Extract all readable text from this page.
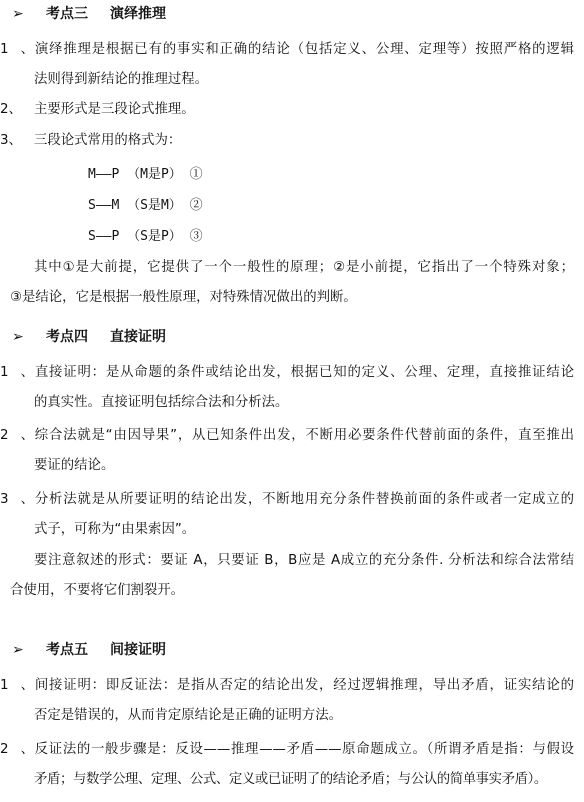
➢ 考点三 演绎推理
1、演绎推理是根据已有的事实和正确的结论（包括定义、公理、定理等）按照严格的逻辑
法则得到新结论的推理过程。
2、 主要形式是三段论式推理。
3、 三段论式常用的格式为：
M——P （M是P） ①
S——M （S是M） ②
S——P （S是P） ③
其中①是大前提，它提供了一个一般性的原理；②是小前提，它指出了一个特殊对象；
③是结论，它是根据一般性原理，对特殊情况做出的判断。
➢ 考点四 直接证明
1、直接证明：是从命题的条件或结论出发，根据已知的定义、公理、定理，直接推证结论
的真实性。直接证明包括综合法和分析法。
2、综合法就是“由因导果”，从已知条件出发，不断用必要条件代替前面的条件，直至推出
要证的结论。
3、分析法就是从所要证明的结论出发，不断地用充分条件替换前面的条件或者一定成立的
式子，可称为“由果索因”。
要注意叙述的形式：要证 A，只要证 B，B应是 A成立的充分条件. 分析法和综合法常结
合使用，不要将它们割裂开。
➢ 考点五 间接证明
1、间接证明：即反证法：是指从否定的结论出发，经过逻辑推理，导出矛盾，证实结论的
否定是错误的，从而肯定原结论是正确的证明方法。
2、反证法的一般步骤是：反设——推理——矛盾——原命题成立。（所谓矛盾是指：与假设
矛盾；与数学公理、定理、公式、定义或已证明了的结论矛盾；与公认的简单事实矛盾）。
